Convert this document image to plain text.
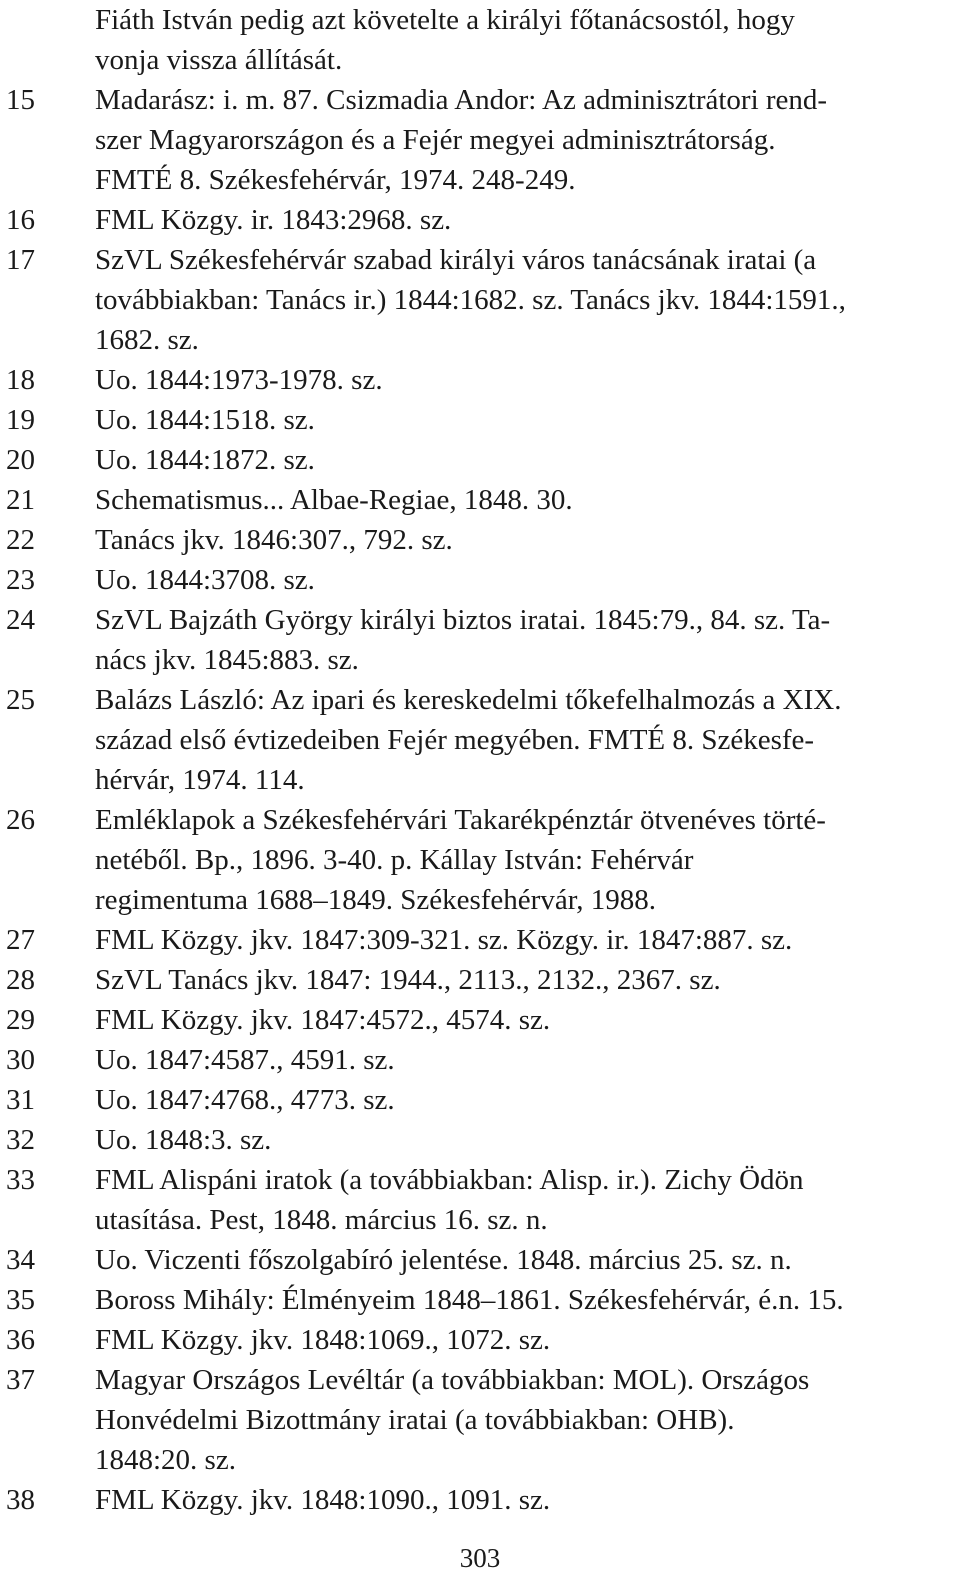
Fiáth István pedig azt követelte a királyi főtanácsostól, hogy
vonja vissza állítását.
15	Madarász: i. m. 87. Csizmadia Andor: Az adminisztrátori rend-
szer Magyarországon és a Fejér megyei adminisztrátorság.
FMTÉ 8. Székesfehérvár, 1974. 248-249.
16	FML Közgy. ir. 1843:2968. sz.
17	SzVL Székesfehérvár szabad királyi város tanácsának iratai (a
továbbiakban: Tanács ir.) 1844:1682. sz. Tanács jkv. 1844:1591.,
1682. sz.
18	Uo. 1844:1973-1978. sz.
19	Uo. 1844:1518. sz.
20	Uo. 1844:1872. sz.
21	Schematismus... Albae-Regiae, 1848. 30.
22	Tanács jkv. 1846:307., 792. sz.
23	Uo. 1844:3708. sz.
24	SzVL Bajzáth György királyi biztos iratai. 1845:79., 84. sz. Ta-
nács jkv. 1845:883. sz.
25	Balázs László: Az ipari és kereskedelmi tőkefelhalmozás a XIX.
század első évtizedeiben Fejér megyében. FMTÉ 8. Székesfe-
hérvár, 1974. 114.
26	Emléklapok a Székesfehérvári Takarékpénztár ötvenéves törté-
netéből. Bp., 1896. 3-40. p. Kállay István: Fehérvár
regimentuma 1688–1849. Székesfehérvár, 1988.
27	FML Közgy. jkv. 1847:309-321. sz. Közgy. ir. 1847:887. sz.
28	SzVL Tanács jkv. 1847: 1944., 2113., 2132., 2367. sz.
29	FML Közgy. jkv. 1847:4572., 4574. sz.
30	Uo. 1847:4587., 4591. sz.
31	Uo. 1847:4768., 4773. sz.
32	Uo. 1848:3. sz.
33	FML Alispáni iratok (a továbbiakban: Alisp. ir.). Zichy Ödön
utasítása. Pest, 1848. március 16. sz. n.
34	Uo. Viczenti főszolgabíró jelentése. 1848. március 25. sz. n.
35	Boross Mihály: Élményeim 1848–1861. Székesfehérvár, é.n. 15.
36	FML Közgy. jkv. 1848:1069., 1072. sz.
37	Magyar Országos Levéltár (a továbbiakban: MOL). Országos
Honvédelmi Bizottmány iratai (a továbbiakban: OHB).
1848:20. sz.
38	FML Közgy. jkv. 1848:1090., 1091. sz.
303
